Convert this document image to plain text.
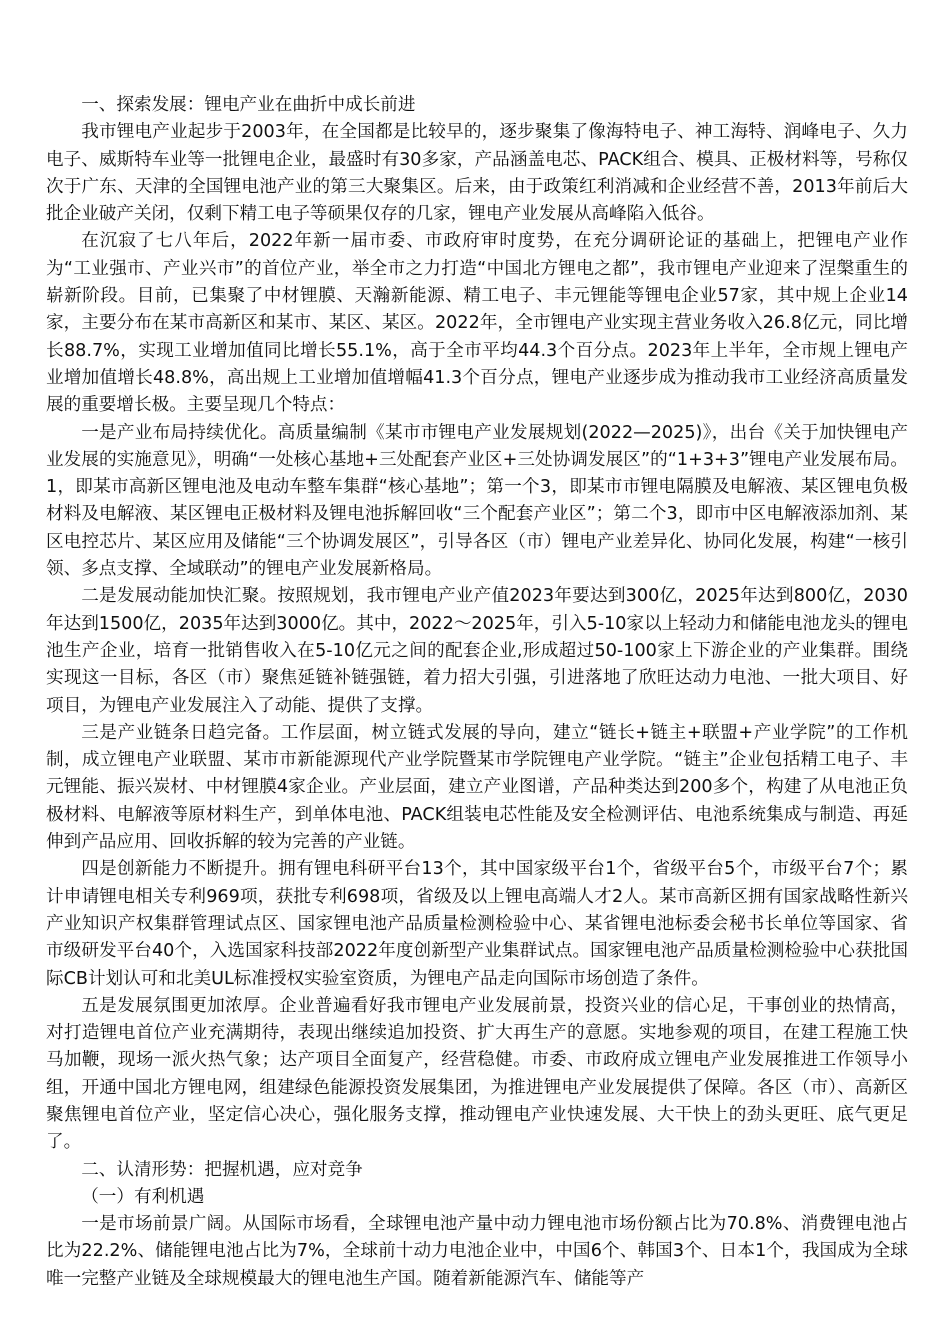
一、探索发展：锂电产业在曲折中成长前进

我市锂电产业起步于2003年，在全国都是比较早的，逐步聚集了像海特电子、神工海特、润峰电子、久力电子、威斯特车业等一批锂电企业，最盛时有30多家，产品涵盖电芯、PACK组合、模具、正极材料等，号称仅次于广东、天津的全国锂电池产业的第三大聚集区。后来，由于政策红利消减和企业经营不善，2013年前后大批企业破产关闭，仅剩下精工电子等硕果仅存的几家，锂电产业发展从高峰陷入低谷。

在沉寂了七八年后，2022年新一届市委、市政府审时度势，在充分调研论证的基础上，把锂电产业作为“工业强市、产业兴市”的首位产业，举全市之力打造“中国北方锂电之都”，我市锂电产业迎来了涅槃重生的崭新阶段。目前，已集聚了中材锂膜、天瀚新能源、精工电子、丰元锂能等锂电企业57家，其中规上企业14家，主要分布在某市高新区和某市、某区、某区。2022年，全市锂电产业实现主营业务收入26.8亿元，同比增长88.7%，实现工业增加值同比增长55.1%，高于全市平均44.3个百分点。2023年上半年，全市规上锂电产业增加值增长48.8%，高出规上工业增加值增幅41.3个百分点，锂电产业逐步成为推动我市工业经济高质量发展的重要增长极。主要呈现几个特点：

一是产业布局持续优化。高质量编制《某市市锂电产业发展规划(2022—2025)》，出台《关于加快锂电产业发展的实施意见》，明确“一处核心基地+三处配套产业区+三处协调发展区”的“1+3+3”锂电产业发展布局。1，即某市高新区锂电池及电动车整车集群“核心基地”；第一个3，即某市市锂电隔膜及电解液、某区锂电负极材料及电解液、某区锂电正极材料及锂电池拆解回收“三个配套产业区”；第二个3，即市中区电解液添加剂、某区电控芯片、某区应用及储能“三个协调发展区”，引导各区（市）锂电产业差异化、协同化发展，构建“一核引领、多点支撑、全域联动”的锂电产业发展新格局。

二是发展动能加快汇聚。按照规划，我市锂电产业产值2023年要达到300亿，2025年达到800亿，2030年达到1500亿，2035年达到3000亿。其中，2022～2025年，引入5-10家以上轻动力和储能电池龙头的锂电池生产企业，培育一批销售收入在5-10亿元之间的配套企业,形成超过50-100家上下游企业的产业集群。围绕实现这一目标，各区（市）聚焦延链补链强链，着力招大引强，引进落地了欣旺达动力电池、一批大项目、好项目，为锂电产业发展注入了动能、提供了支撑。

三是产业链条日趋完备。工作层面，树立链式发展的导向，建立“链长+链主+联盟+产业学院”的工作机制，成立锂电产业联盟、某市市新能源现代产业学院暨某市学院锂电产业学院。“链主”企业包括精工电子、丰元锂能、振兴炭材、中材锂膜4家企业。产业层面，建立产业图谱，产品种类达到200多个，构建了从电池正负极材料、电解液等原材料生产，到单体电池、PACK组装电芯性能及安全检测评估、电池系统集成与制造、再延伸到产品应用、回收拆解的较为完善的产业链。

四是创新能力不断提升。拥有锂电科研平台13个，其中国家级平台1个，省级平台5个，市级平台7个；累计申请锂电相关专利969项，获批专利698项，省级及以上锂电高端人才2人。某市高新区拥有国家战略性新兴产业知识产权集群管理试点区、国家锂电池产品质量检测检验中心、某省锂电池标委会秘书长单位等国家、省市级研发平台40个，入选国家科技部2022年度创新型产业集群试点。国家锂电池产品质量检测检验中心获批国际CB计划认可和北美UL标准授权实验室资质，为锂电产品走向国际市场创造了条件。

五是发展氛围更加浓厚。企业普遍看好我市锂电产业发展前景，投资兴业的信心足，干事创业的热情高，对打造锂电首位产业充满期待，表现出继续追加投资、扩大再生产的意愿。实地参观的项目，在建工程施工快马加鞭，现场一派火热气象；达产项目全面复产，经营稳健。市委、市政府成立锂电产业发展推进工作领导小组，开通中国北方锂电网，组建绿色能源投资发展集团，为推进锂电产业发展提供了保障。各区（市）、高新区聚焦锂电首位产业，坚定信心决心，强化服务支撑，推动锂电产业快速发展、大干快上的劲头更旺、底气更足了。

二、认清形势：把握机遇，应对竞争

（一）有利机遇

一是市场前景广阔。从国际市场看，全球锂电池产量中动力锂电池市场份额占比为70.8%、消费锂电池占比为22.2%、储能锂电池占比为7%，全球前十动力电池企业中，中国6个、韩国3个、日本1个，我国成为全球唯一完整产业链及全球规模最大的锂电池生产国。随着新能源汽车、储能等产
